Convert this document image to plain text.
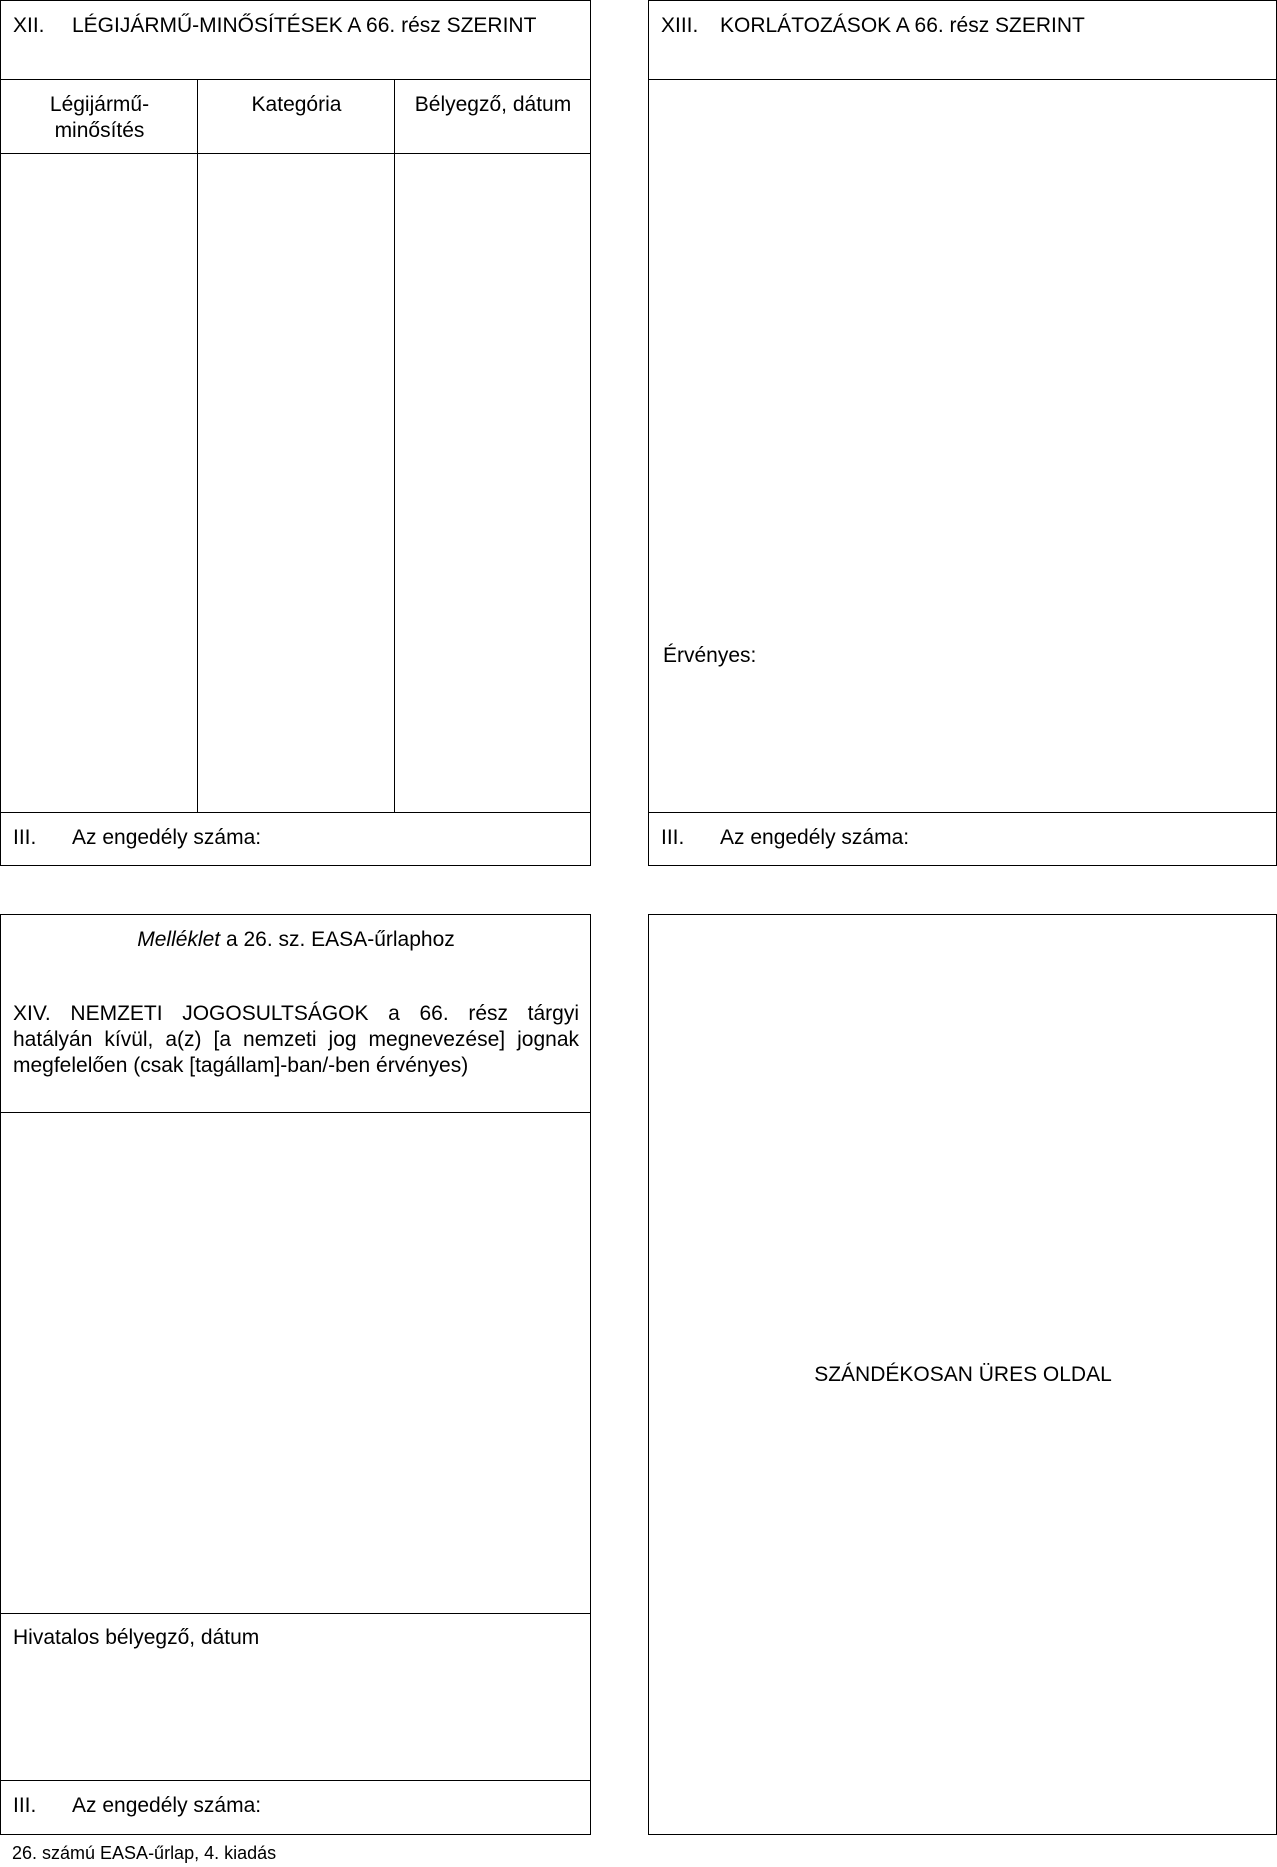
XII. LÉGIJÁRMŰ-MINŐSÍTÉSEK A 66. rész SZERINT
Légijármű-
minősítés
Kategória	Bélyegző, dátum
III. Az engedély száma:
XIII. KORLÁTOZÁSOK A 66. rész SZERINT
Érvényes:
III. Az engedély száma:
Melléklet a 26. sz. EASA-űrlaphoz
XIV. NEMZETI JOGOSULTSÁGOK a 66. rész tárgyi hatályán kívül, a(z) [a nemzeti jog megnevezése] jognak megfelelően (csak [tagállam]-ban/-ben érvényes)
Hivatalos bélyegző, dátum
III. Az engedély száma:
SZÁNDÉKOSAN ÜRES OLDAL
26. számú EASA-űrlap, 4. kiadás
